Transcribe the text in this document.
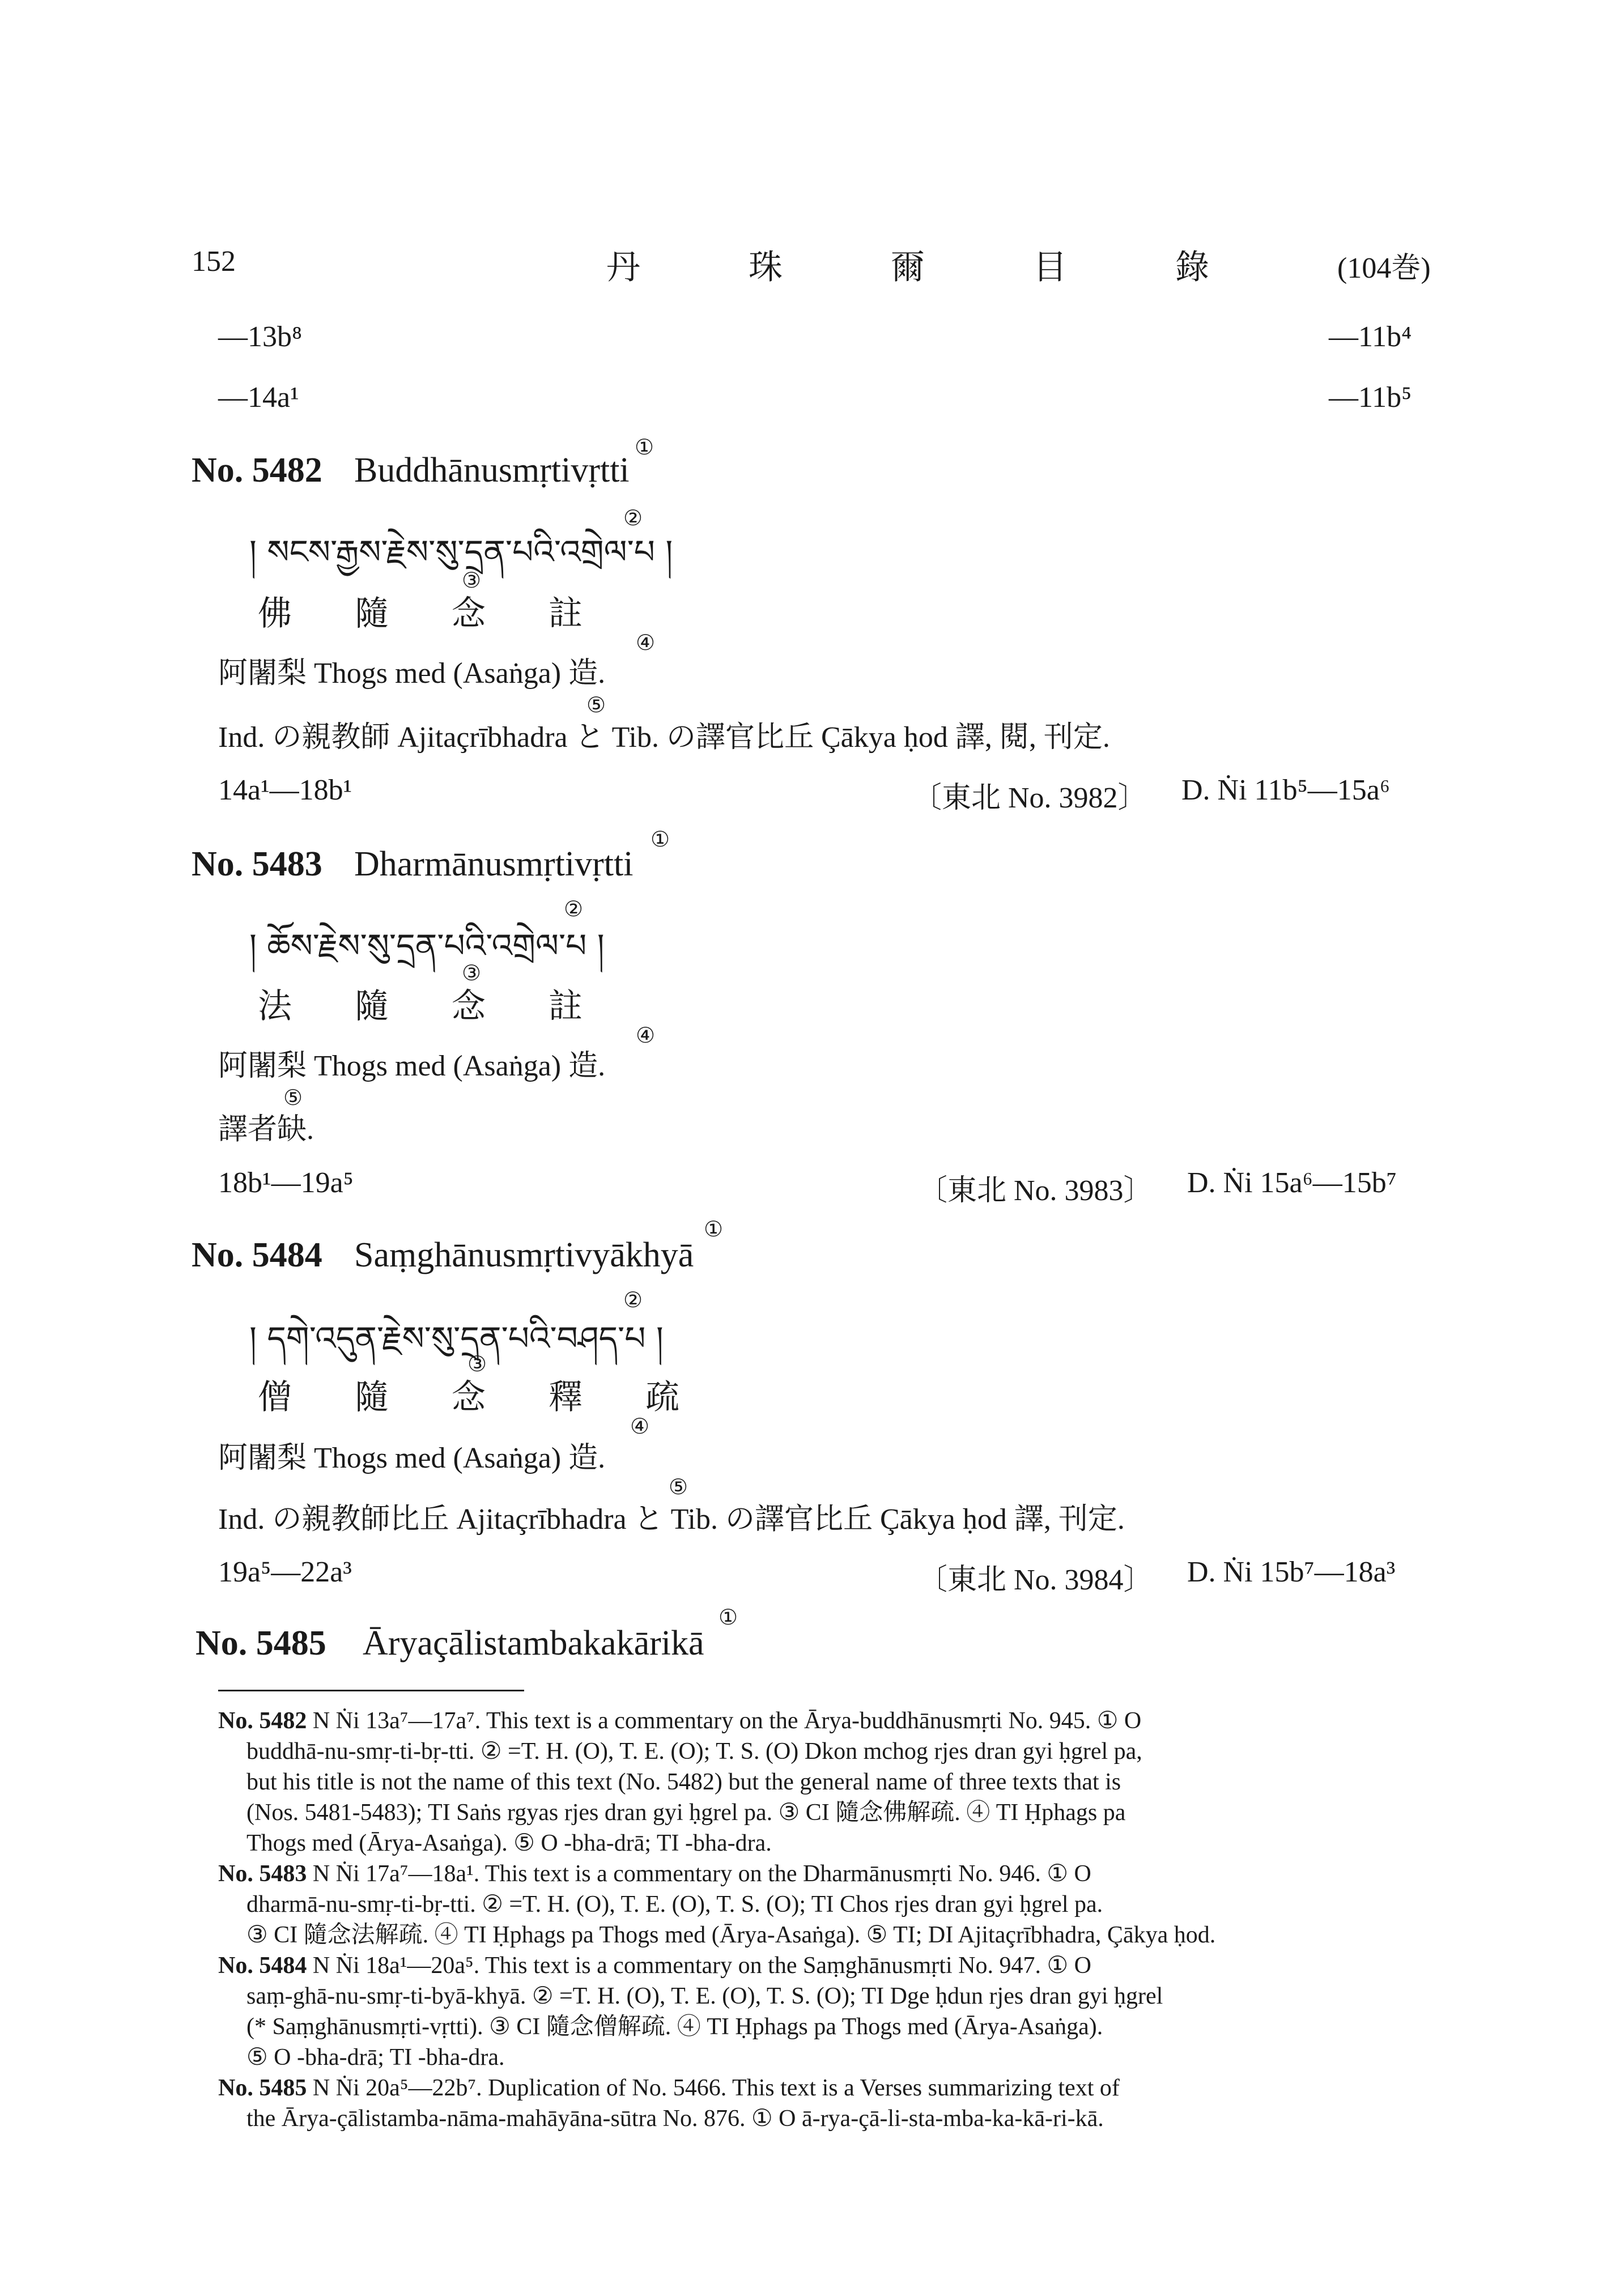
152	丹 珠 爾 目 錄	(104巻)
—13b⁸	—11b⁴
—14a¹	—11b⁵
No. 5482 Buddhānusmṛtivṛtti
①
། སངས་རྒྱས་རྗེས་སུ་དྲན་པའི་འགྲེལ་པ །
②
佛 隨 念 註
③
阿闍梨 Thogs med (Asaṅga) 造.
④
Ind. の親教師 Ajitaçrībhadra と Tib. の譯官比丘 Çākya ḥod 譯, 閱, 刊定.
⑤
14a¹—18b¹	〔東北 No. 3982〕 D. Ṅi 11b⁵—15a⁶
No. 5483 Dharmānusmṛtivṛtti
①
། ཆོས་རྗེས་སུ་དྲན་པའི་འགྲེལ་པ །
②
法 隨 念 註
③
阿闍梨 Thogs med (Asaṅga) 造.
④
譯者缺.
⑤
18b¹—19a⁵	〔東北 No. 3983〕 D. Ṅi 15a⁶—15b⁷
No. 5484 Saṃghānusmṛtivyākhyā
①
། དགེ་འདུན་རྗེས་སུ་དྲན་པའི་བཤད་པ །
②
僧 隨 念 釋 疏
③
阿闍梨 Thogs med (Asaṅga) 造.
④
Ind. の親教師比丘 Ajitaçrībhadra と Tib. の譯官比丘 Çākya ḥod 譯, 刊定.
⑤
19a⁵—22a³	〔東北 No. 3984〕 D. Ṅi 15b⁷—18a³
No. 5485 Āryaçālistambakakārikā
①
No. 5482 N Ṅi 13a⁷—17a⁷. This text is a commentary on the Ārya-buddhānusmṛti No. 945. ① O
buddhā-nu-smṛ-ti-bṛ-tti. ② =T. H. (O), T. E. (O); T. S. (O) Dkon mchog rjes dran gyi ḥgrel pa,
but his title is not the name of this text (No. 5482) but the general name of three texts that is
(Nos. 5481-5483); TI Saṅs rgyas rjes dran gyi ḥgrel pa. ③ CI 隨念佛解疏. ④ TI Ḥphags pa
Thogs med (Ārya-Asaṅga). ⑤ O -bha-drā; TI -bha-dra.
No. 5483 N Ṅi 17a⁷—18a¹. This text is a commentary on the Dharmānusmṛti No. 946. ① O
dharmā-nu-smṛ-ti-bṛ-tti. ② =T. H. (O), T. E. (O), T. S. (O); TI Chos rjes dran gyi ḥgrel pa.
③ CI 隨念法解疏. ④ TI Ḥphags pa Thogs med (Ārya-Asaṅga). ⑤ TI; DI Ajitaçrībhadra, Çākya ḥod.
No. 5484 N Ṅi 18a¹—20a⁵. This text is a commentary on the Saṃghānusmṛti No. 947. ① O
saṃ-ghā-nu-smṛ-ti-byā-khyā. ② =T. H. (O), T. E. (O), T. S. (O); TI Dge ḥdun rjes dran gyi ḥgrel
(* Saṃghānusmṛti-vṛtti). ③ CI 隨念僧解疏. ④ TI Ḥphags pa Thogs med (Ārya-Asaṅga).
⑤ O -bha-drā; TI -bha-dra.
No. 5485 N Ṅi 20a⁵—22b⁷. Duplication of No. 5466. This text is a Verses summarizing text of
the Ārya-çālistamba-nāma-mahāyāna-sūtra No. 876. ① O ā-rya-çā-li-sta-mba-ka-kā-ri-kā.
